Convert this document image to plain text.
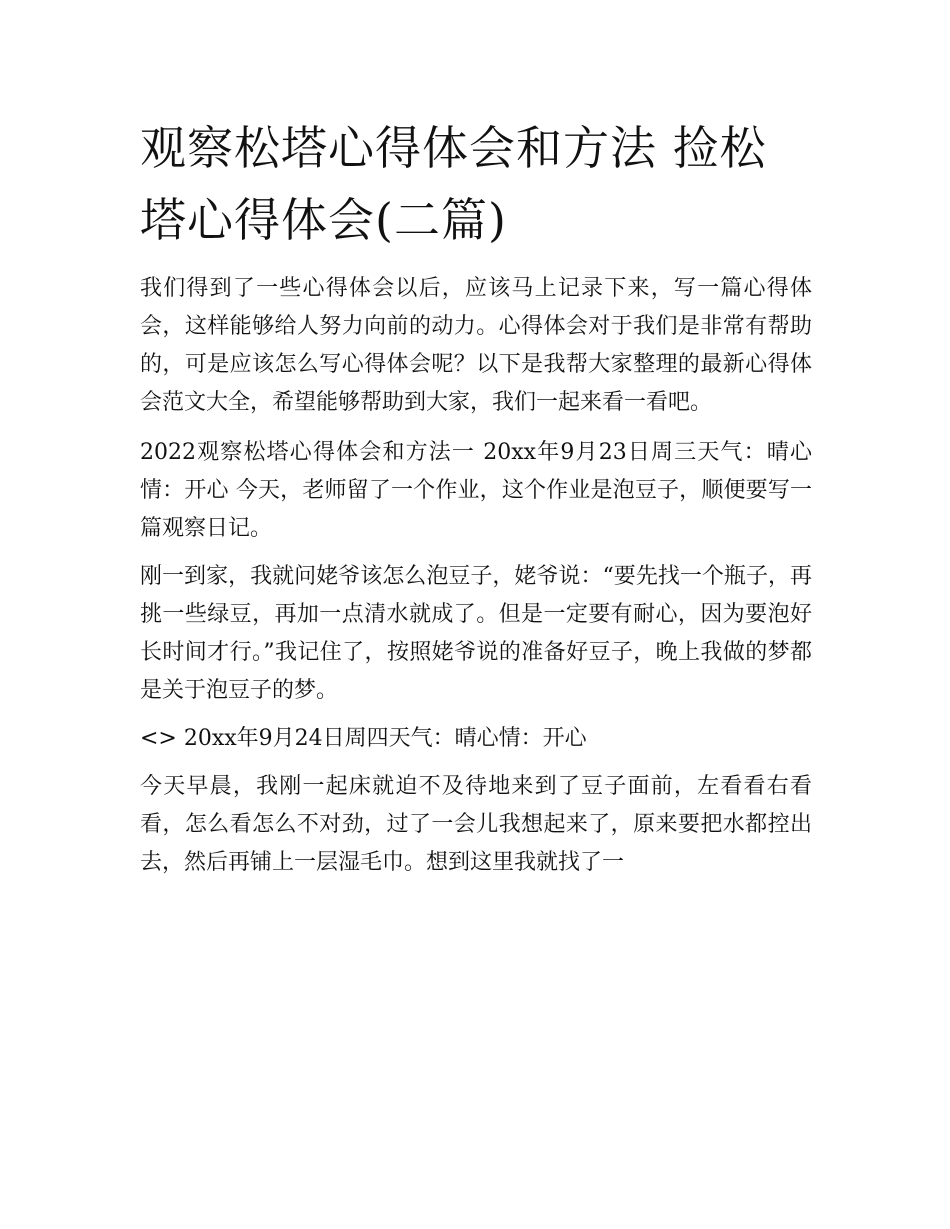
观察松塔心得体会和方法 捡松塔心得体会(二篇)

我们得到了一些心得体会以后，应该马上记录下来，写一篇心得体会，这样能够给人努力向前的动力。心得体会对于我们是非常有帮助的，可是应该怎么写心得体会呢？以下是我帮大家整理的最新心得体会范文大全，希望能够帮助到大家，我们一起来看一看吧。

2022观察松塔心得体会和方法一 20xx年9月23日周三天气：晴心情：开心 今天，老师留了一个作业，这个作业是泡豆子，顺便要写一篇观察日记。

刚一到家，我就问姥爷该怎么泡豆子，姥爷说：“要先找一个瓶子，再挑一些绿豆，再加一点清水就成了。但是一定要有耐心，因为要泡好长时间才行。”我记住了，按照姥爷说的准备好豆子，晚上我做的梦都是关于泡豆子的梦。

<> 20xx年9月24日周四天气：晴心情：开心

今天早晨，我刚一起床就迫不及待地来到了豆子面前，左看看右看看，怎么看怎么不对劲，过了一会儿我想起来了，原来要把水都控出去，然后再铺上一层湿毛巾。想到这里我就找了一
